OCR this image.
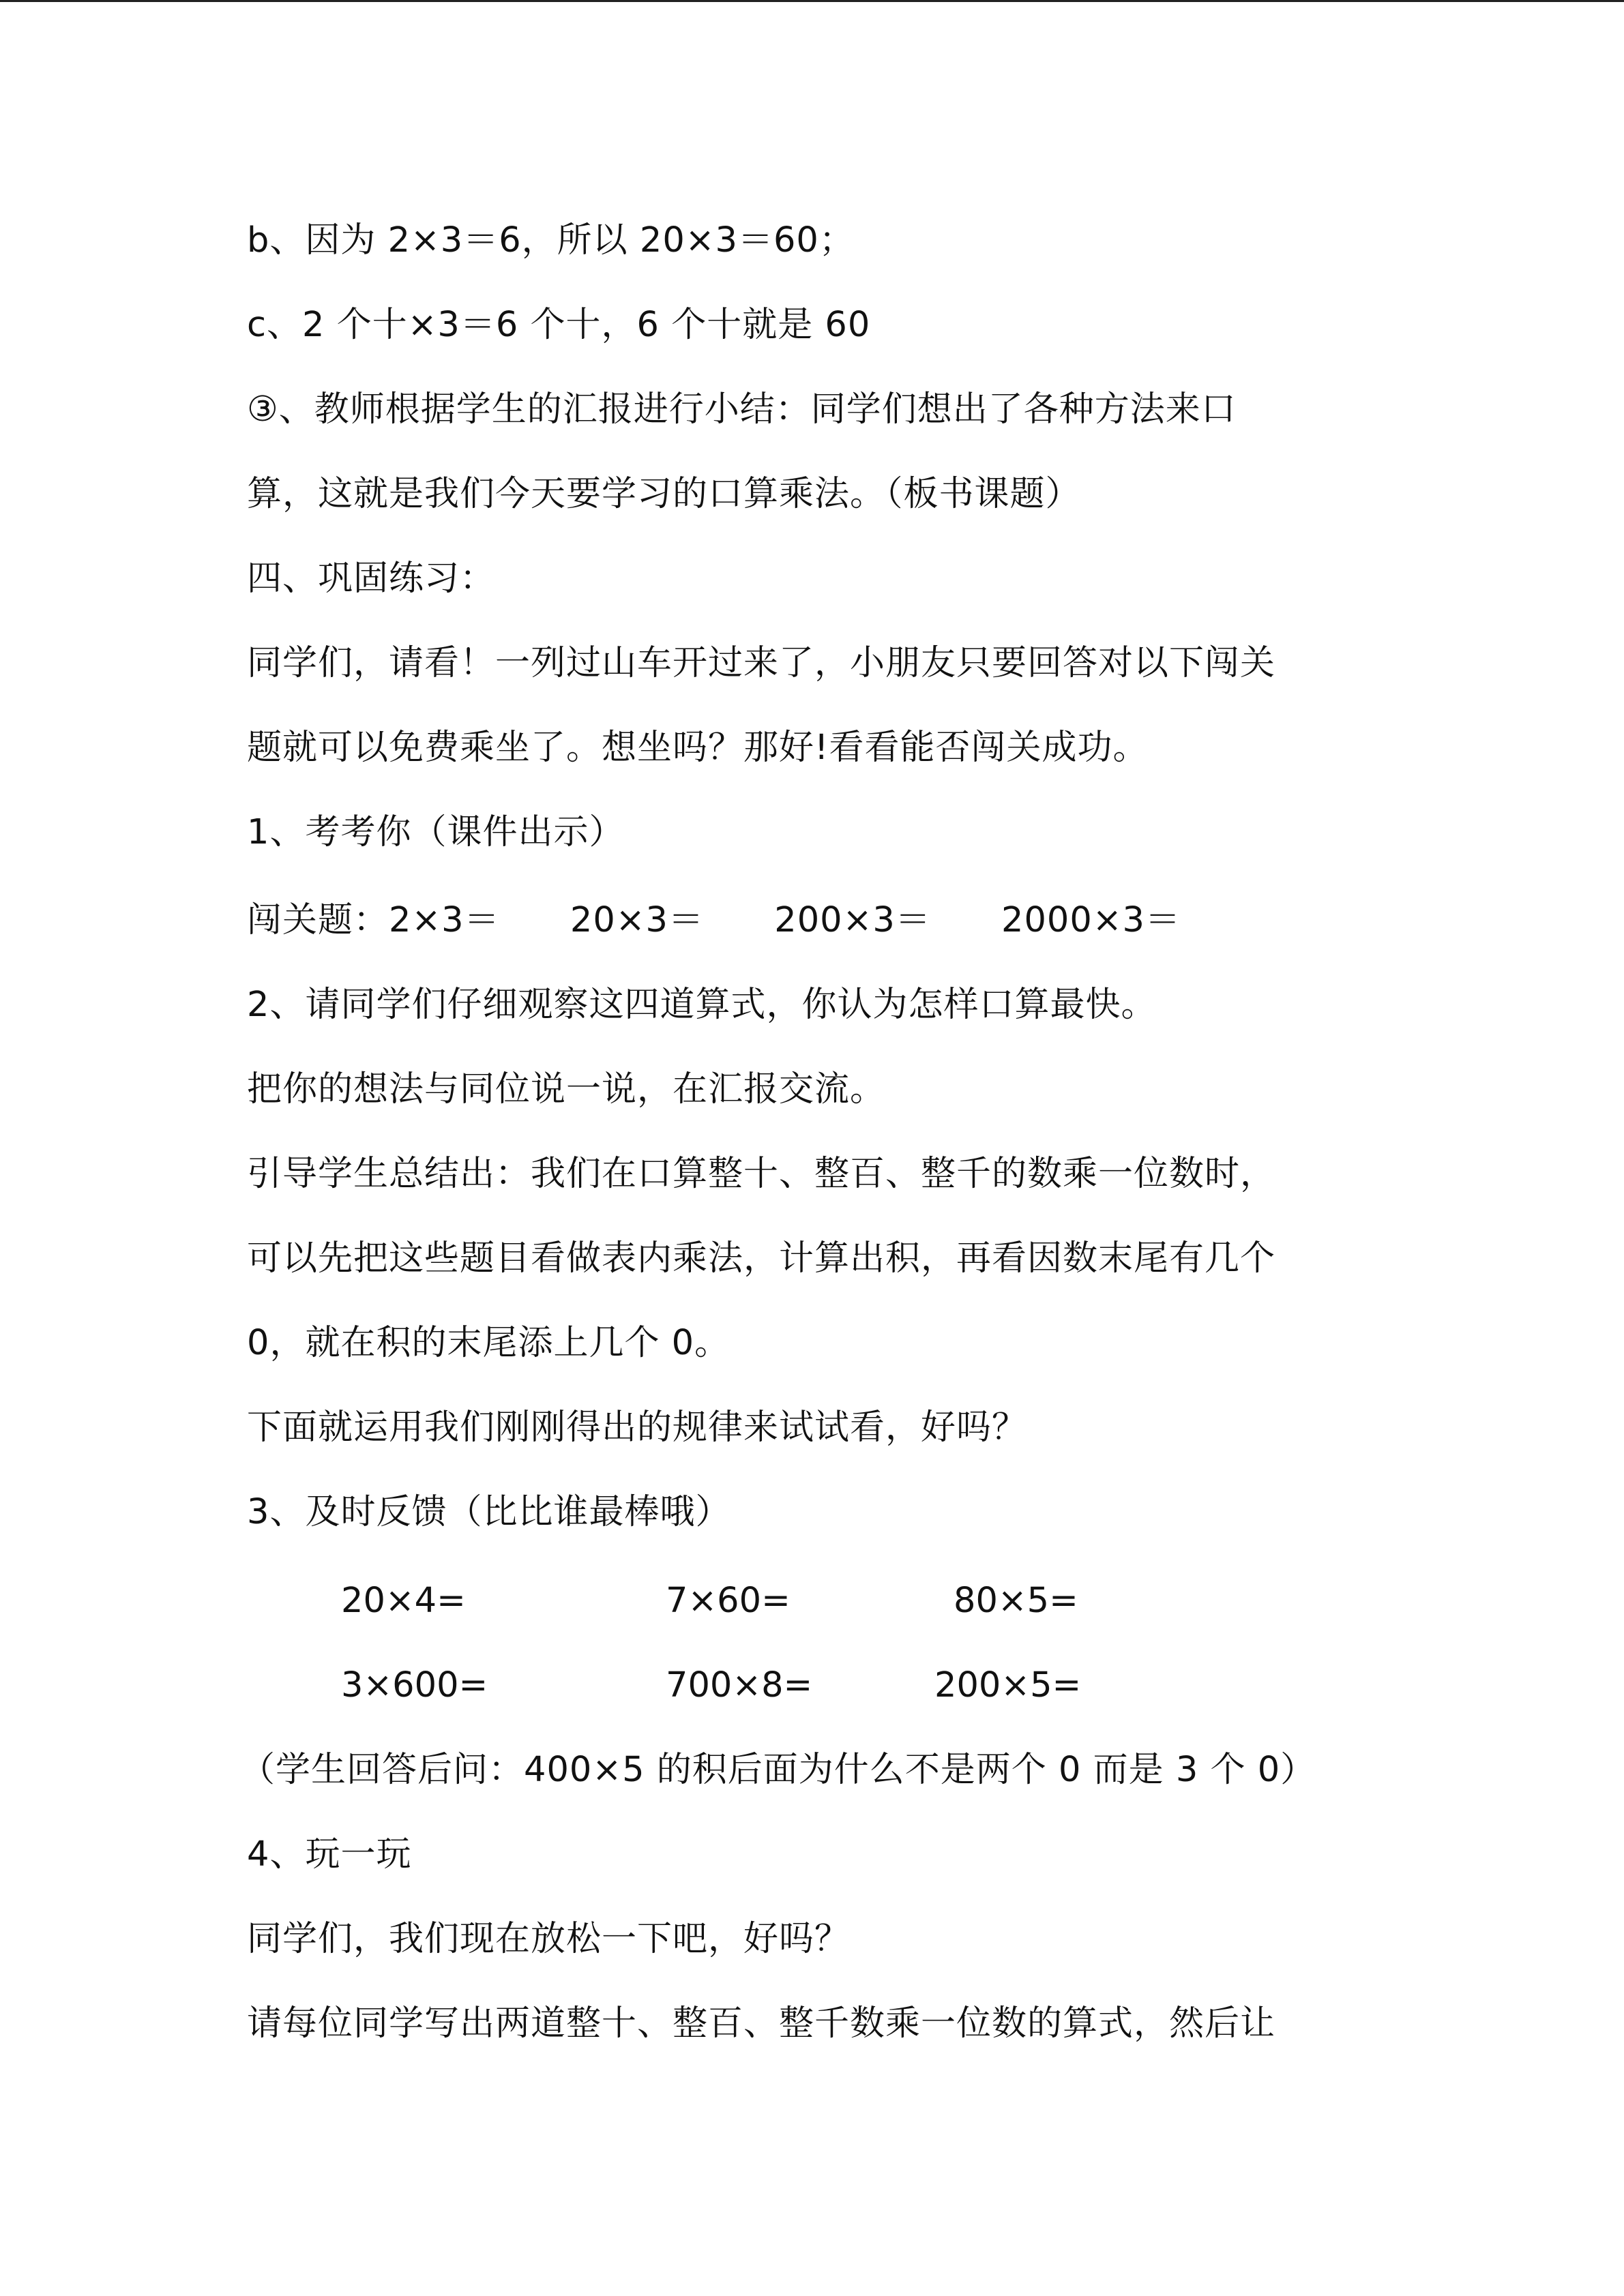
b、因为 2×3＝6，所以 20×3＝60；
c、2 个十×3＝6 个十，6 个十就是 60
③、教师根据学生的汇报进行小结：同学们想出了各种方法来口
算，这就是我们今天要学习的口算乘法。（板书课题）
四、巩固练习：
同学们，请看！一列过山车开过来了，小朋友只要回答对以下闯关
题就可以免费乘坐了。想坐吗？那好!看看能否闯关成功。
1、考考你（课件出示）
闯关题：2×3＝      20×3＝      200×3＝      2000×3＝
2、请同学们仔细观察这四道算式，你认为怎样口算最快。
把你的想法与同位说一说，在汇报交流。
引导学生总结出：我们在口算整十、整百、整千的数乘一位数时，
可以先把这些题目看做表内乘法，计算出积，再看因数末尾有几个
0，就在积的末尾添上几个 0。
下面就运用我们刚刚得出的规律来试试看，好吗？
3、及时反馈（比比谁最棒哦）
20×4=	7×60=	80×5=
3×600=	700×8=	200×5=
（学生回答后问：400×5 的积后面为什么不是两个 0 而是 3 个 0）
4、玩一玩
同学们，我们现在放松一下吧，好吗？
请每位同学写出两道整十、整百、整千数乘一位数的算式，然后让
